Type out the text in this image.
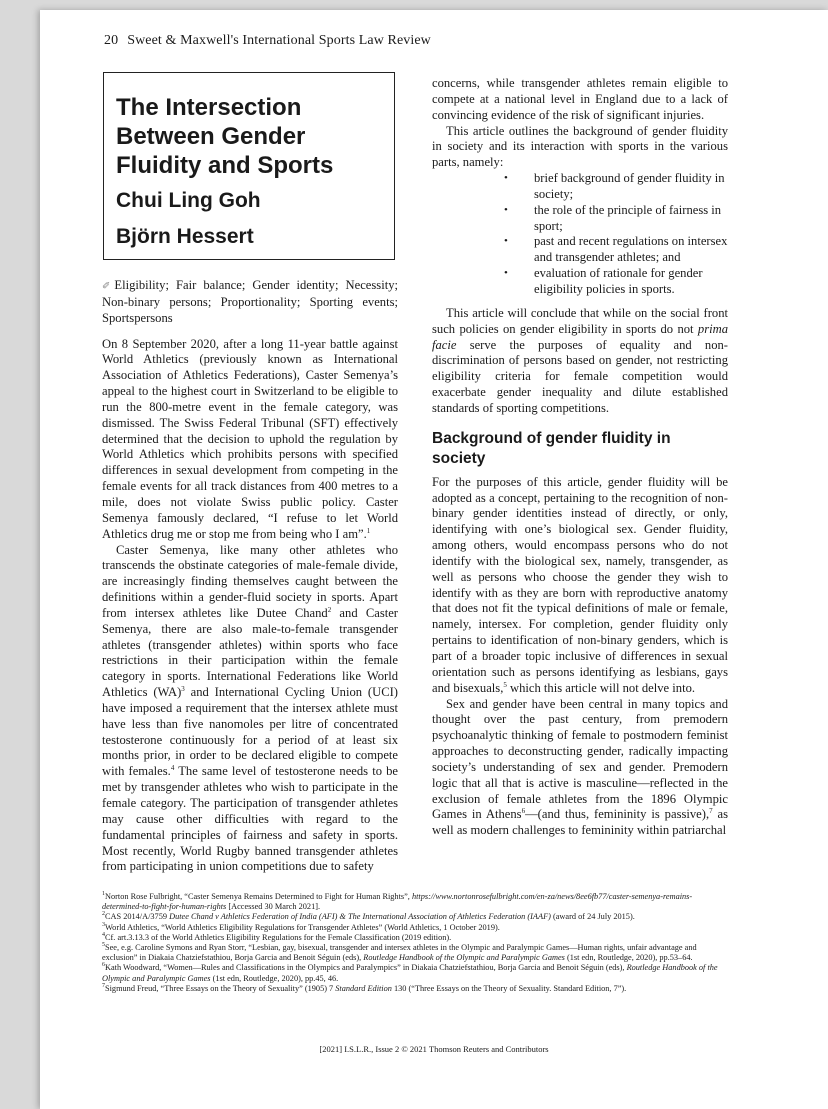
20 Sweet & Maxwell's International Sports Law Review
The Intersection
Between Gender
Fluidity and Sports
Chui Ling Goh
Björn Hessert

✐ Eligibility; Fair balance; Gender identity; Necessity; Non-binary persons; Proportionality; Sporting events; Sportspersons

On 8 September 2020, after a long 11-year battle against World Athletics (previously known as International Association of Athletics Federations), Caster Semenya’s appeal to the highest court in Switzerland to be eligible to run the 800-metre event in the female category, was dismissed. The Swiss Federal Tribunal (SFT) effectively determined that the decision to uphold the regulation by World Athletics which prohibits persons with specified differences in sexual development from competing in the female events for all track distances from 400 metres to a mile, does not violate Swiss public policy. Caster Semenya famously declared, “I refuse to let World Athletics drug me or stop me from being who I am”.$^1$

Caster Semenya, like many other athletes who transcends the obstinate categories of male-female divide, are increasingly finding themselves caught between the definitions within a gender-fluid society in sports. Apart from intersex athletes like Dutee Chand$^2$ and Caster Semenya, there are also male-to-female transgender athletes (transgender athletes) within sports who face restrictions in their participation within the female category in sports. International Federations like World Athletics (WA)$^3$ and International Cycling Union (UCI) have imposed a requirement that the intersex athlete must have less than five nanomoles per litre of concentrated testosterone continuously for a period of at least six months prior, in order to be declared eligible to compete with females.$^4$ The same level of testosterone needs to be met by transgender athletes who wish to participate in the female category. The participation of transgender athletes may cause other difficulties with regard to the fundamental principles of fairness and safety in sports. Most recently, World Rugby banned transgender athletes from participating in union competitions due to safety

concerns, while transgender athletes remain eligible to compete at a national level in England due to a lack of convincing evidence of the risk of significant injuries.

This article outlines the background of gender fluidity in society and its interaction with sports in the various parts, namely:

• brief background of gender fluidity in society;
• the role of the principle of fairness in sport;
• past and recent regulations on intersex and transgender athletes; and
• evaluation of rationale for gender eligibility policies in sports.

This article will conclude that while on the social front such policies on gender eligibility in sports do not prima facie serve the purposes of equality and non-discrimination of persons based on gender, not restricting eligibility criteria for female competition would exacerbate gender inequality and dilute established standards of sporting competitions.

Background of gender fluidity in society

For the purposes of this article, gender fluidity will be adopted as a concept, pertaining to the recognition of non-binary gender identities instead of directly, or only, identifying with one’s biological sex. Gender fluidity, among others, would encompass persons who do not identify with the biological sex, namely, transgender, as well as persons who choose the gender they wish to identify with as they are born with reproductive anatomy that does not fit the typical definitions of male or female, namely, intersex. For completion, gender fluidity only pertains to identification of non-binary genders, which is part of a broader topic inclusive of differences in sexual orientation such as persons identifying as lesbians, gays and bisexuals,$^5$ which this article will not delve into.

Sex and gender have been central in many topics and thought over the past century, from premodern psychoanalytic thinking of female to postmodern feminist approaches to deconstructing gender, radically impacting society’s understanding of sex and gender. Premodern logic that all that is active is masculine—reflected in the exclusion of female athletes from the 1896 Olympic Games in Athens$^6$—(and thus, femininity is passive),$^7$ as well as modern challenges to femininity within patriarchal

$^1$Norton Rose Fulbright, “Caster Semenya Remains Determined to Fight for Human Rights”, https://www.nortonrosefulbright.com/en-za/news/8ee6fb77/caster-semenya-remains-determined-to-fight-for-human-rights [Accessed 30 March 2021].

$^2$CAS 2014/A/3759 Dutee Chand v Athletics Federation of India (AFI) & The International Association of Athletics Federation (IAAF) (award of 24 July 2015).

$^3$World Athletics, “World Athletics Eligibility Regulations for Transgender Athletes” (World Athletics, 1 October 2019).

$^4$Cf. art.3.13.3 of the World Athletics Eligibility Regulations for the Female Classification (2019 edition).

$^5$See, e.g. Caroline Symons and Ryan Storr, “Lesbian, gay, bisexual, transgender and intersex athletes in the Olympic and Paralympic Games—Human rights, unfair advantage and exclusion” in Diakaia Chatziefstathiou, Borja Garcia and Benoit Séguin (eds), Routledge Handbook of the Olympic and Paralympic Games (1st edn, Routledge, 2020), pp.53–64.

$^6$Kath Woodward, “Women—Rules and Classifications in the Olympics and Paralympics” in Diakaia Chatziefstathiou, Borja Garcia and Benoit Séguin (eds), Routledge Handbook of the Olympic and Paralympic Games (1st edn, Routledge, 2020), pp.45, 46.

$^7$Sigmund Freud, “Three Essays on the Theory of Sexuality” (1905) 7 Standard Edition 130 (“Three Essays on the Theory of Sexuality. Standard Edition, 7”).

[2021] I.S.L.R., Issue 2 © 2021 Thomson Reuters and Contributors
